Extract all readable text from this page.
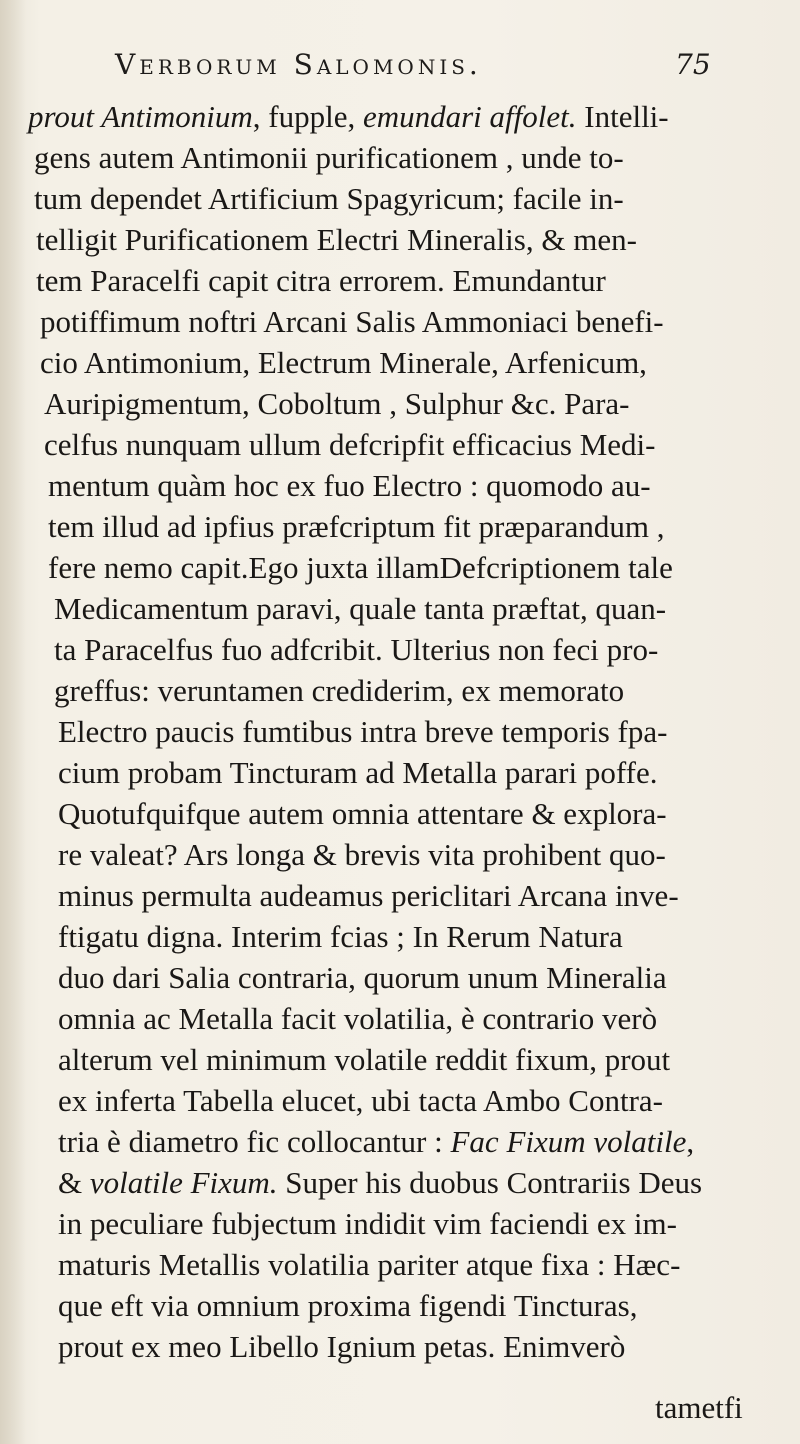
Verborum Salomonis.	75
prout Antimonium, fupple, emundari affolet. Intelli-
gens autem Antimonii purificationem , unde to-
tum dependet Artificium Spagyricum; facile in-
telligit Purificationem Electri Mineralis, & men-
tem Paracelfi capit citra errorem. Emundantur
potiffimum noftri Arcani Salis Ammoniaci benefi-
cio Antimonium, Electrum Minerale, Arfenicum,
Auripigmentum, Coboltum , Sulphur &c. Para-
celfus nunquam ullum defcripfit efficacius Medi-
mentum quàm hoc ex fuo Electro : quomodo au-
tem illud ad ipfius præfcriptum fit præparandum ,
fere nemo capit.Ego juxta illamDefcriptionem tale
Medicamentum paravi, quale tanta præftat, quan-
ta Paracelfus fuo adfcribit. Ulterius non feci pro-
greffus: veruntamen crediderim, ex memorato
Electro paucis fumtibus intra breve temporis fpa-
cium probam Tincturam ad Metalla parari poffe.
Quotufquifque autem omnia attentare & explora-
re valeat? Ars longa & brevis vita prohibent quo-
minus permulta audeamus periclitari Arcana inve-
ftigatu digna. Interim fcias ; In Rerum Natura
duo dari Salia contraria, quorum unum Mineralia
omnia ac Metalla facit volatilia, è contrario verò
alterum vel minimum volatile reddit fixum, prout
ex inferta Tabella elucet, ubi tacta Ambo Contra-
tria è diametro fic collocantur : Fac Fixum volatile,
& volatile Fixum. Super his duobus Contrariis Deus
in peculiare fubjectum indidit vim faciendi ex im-
maturis Metallis volatilia pariter atque fixa : Hæc-
que eft via omnium proxima figendi Tincturas,
prout ex meo Libello Ignium petas. Enimverò
tametfi
